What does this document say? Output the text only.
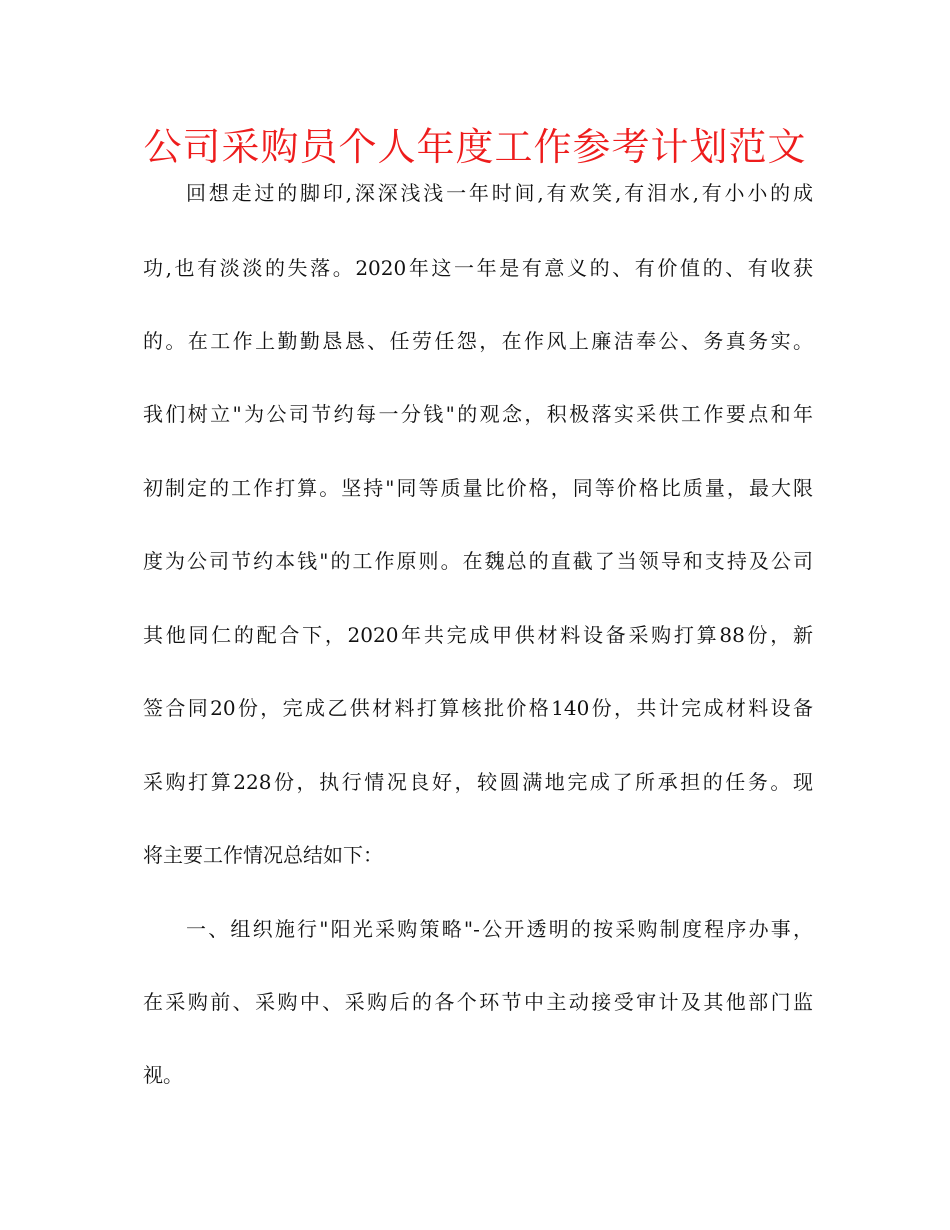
公司采购员个人年度工作参考计划范文
回想走过的脚印,深深浅浅一年时间,有欢笑,有泪水,有小小的成
功,也有淡淡的失落。2020年这一年是有意义的、有价值的、有收获
的。在工作上勤勤恳恳、任劳任怨，在作风上廉洁奉公、务真务实。
我们树立"为公司节约每一分钱"的观念，积极落实采供工作要点和年
初制定的工作打算。坚持"同等质量比价格，同等价格比质量，最大限
度为公司节约本钱"的工作原则。在魏总的直截了当领导和支持及公司
其他同仁的配合下，2020年共完成甲供材料设备采购打算88份，新
签合同20份，完成乙供材料打算核批价格140份，共计完成材料设备
采购打算228份，执行情况良好，较圆满地完成了所承担的任务。现
将主要工作情况总结如下：
一、组织施行"阳光采购策略"-公开透明的按采购制度程序办事，
在采购前、采购中、采购后的各个环节中主动接受审计及其他部门监
视。
